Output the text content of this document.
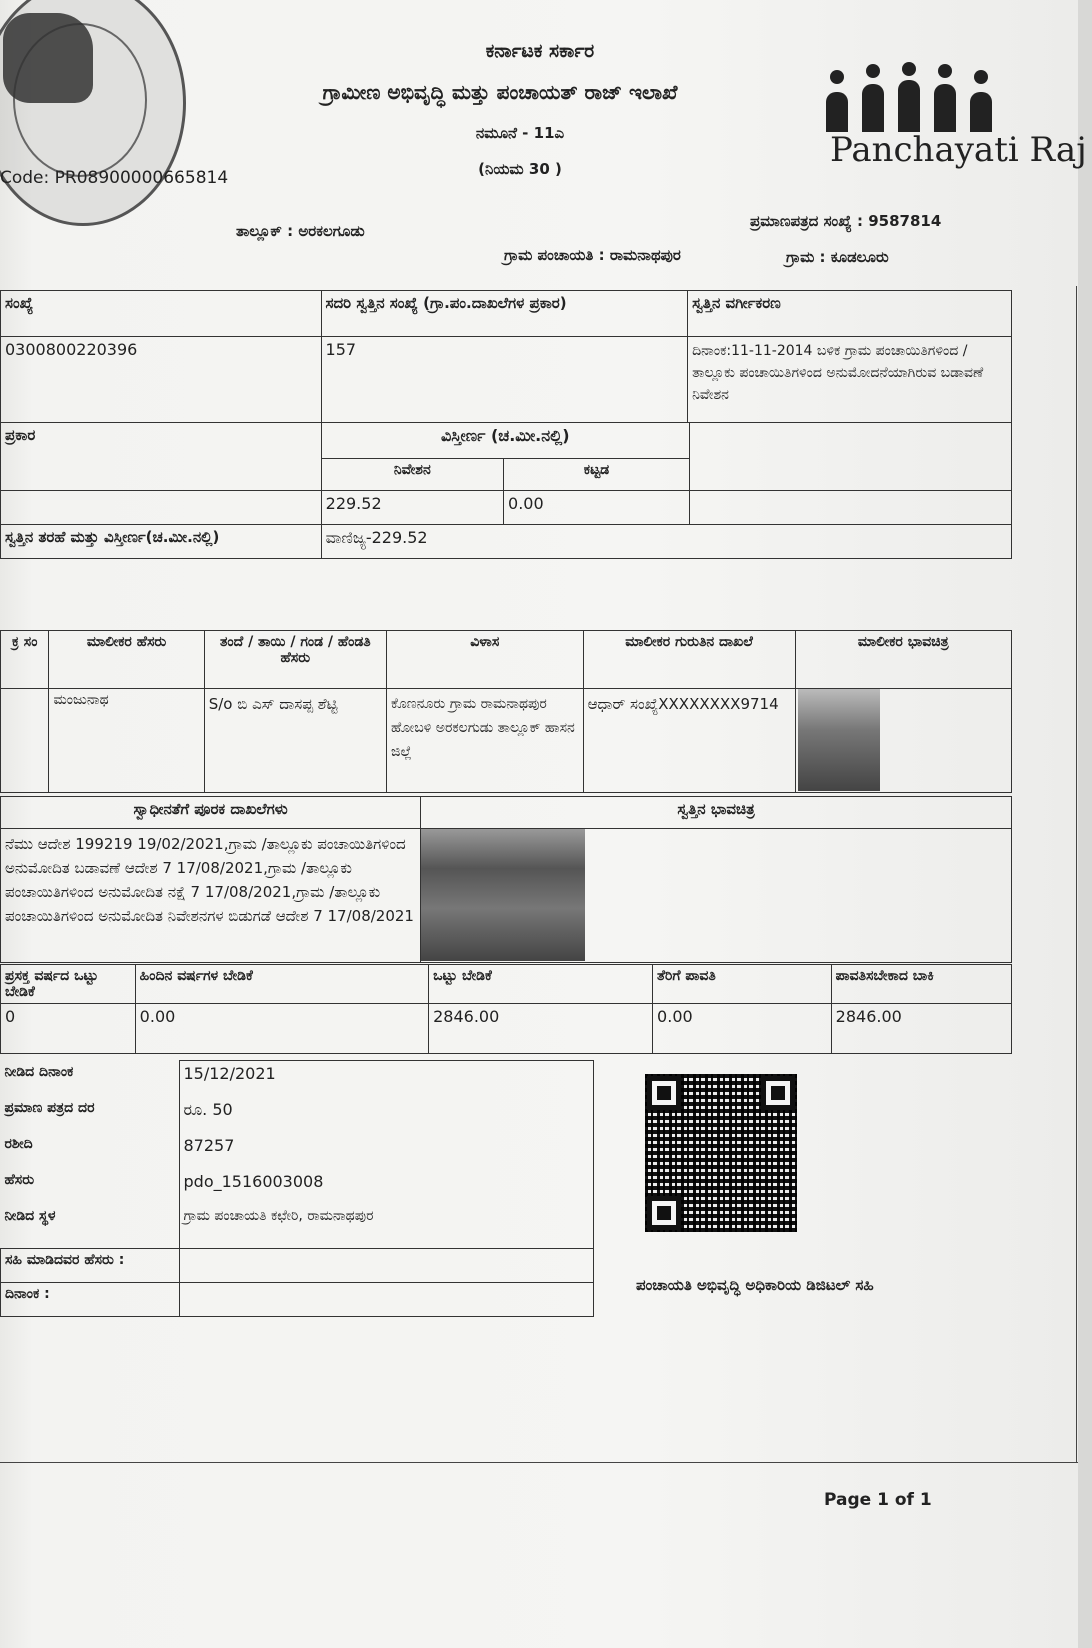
ಕರ್ನಾಟಕ ಸರ್ಕಾರ
ಗ್ರಾಮೀಣ ಅಭಿವೃದ್ಧಿ ಮತ್ತು ಪಂಚಾಯತ್ ರಾಜ್ ಇಲಾಖೆ
ನಮೂನೆ - 11ಎ
(ನಿಯಮ 30 )
Code: PR08900000665814
Panchayati Raj
ಪ್ರಮಾಣಪತ್ರದ ಸಂಖ್ಯೆ : 9587814
ತಾಲ್ಲೂಕ್ : ಅರಕಲಗೂಡು
ಗ್ರಾಮ ಪಂಚಾಯತಿ : ರಾಮನಾಥಪುರ	ಗ್ರಾಮ : ಕೂಡಲೂರು
ಸಂಖ್ಯೆ	ಸದರಿ ಸ್ವತ್ತಿನ ಸಂಖ್ಯೆ (ಗ್ರಾ.ಪಂ.ದಾಖಲೆಗಳ ಪ್ರಕಾರ)	ಸ್ವತ್ತಿನ ವರ್ಗೀಕರಣ
0300800220396	157	ದಿನಾಂಕ:11-11-2014 ಬಳಿಕ ಗ್ರಾಮ ಪಂಚಾಯಿತಿಗಳಿಂದ /ತಾಲ್ಲೂಕು ಪಂಚಾಯಿತಿಗಳಿಂದ ಅನುಮೋದನೆಯಾಗಿರುವ ಬಡಾವಣೆ ನಿವೇಶನ
ಪ್ರಕಾರ	ವಿಸ್ತೀರ್ಣ (ಚ.ಮೀ.ನಲ್ಲಿ)		
	ನಿವೇಶನ	ಕಟ್ಟಡ	
	229.52	0.00	
ಸ್ವತ್ತಿನ ತರಹೆ ಮತ್ತು ವಿಸ್ತೀರ್ಣ(ಚ.ಮೀ.ನಲ್ಲಿ)	ವಾಣಿಜ್ಯ-229.52		
ಕ್ರ ಸಂ	ಮಾಲೀಕರ ಹೆಸರು	ತಂದೆ / ತಾಯಿ / ಗಂಡ / ಹೆಂಡತಿ ಹೆಸರು	ವಿಳಾಸ	ಮಾಲೀಕರ ಗುರುತಿನ ದಾಖಲೆ	ಮಾಲೀಕರ ಭಾವಚಿತ್ರ
	ಮಂಜುನಾಥ	S/o ಬಿ ಎಸ್ ದಾಸಪ್ಪ ಶೆಟ್ಟಿ	ಕೊಣನೂರು ಗ್ರಾಮ ರಾಮನಾಥಪುರ ಹೋಬಳಿ ಅರಕಲಗುಡು ತಾಲ್ಲೂಕ್ ಹಾಸನ ಜಿಲ್ಲೆ	ಆಧಾರ್ ಸಂಖ್ಯೆXXXXXXXX9714	
ಸ್ವಾಧೀನತೆಗೆ ಪೂರಕ ದಾಖಲೆಗಳು	ಸ್ವತ್ತಿನ ಭಾವಚಿತ್ರ
ನೆಮು ಆದೇಶ 199219 19/02/2021,ಗ್ರಾಮ /ತಾಲ್ಲೂಕು ಪಂಚಾಯಿತಿಗಳಿಂದ ಅನುಮೋದಿತ ಬಡಾವಣೆ ಆದೇಶ 7 17/08/2021,ಗ್ರಾಮ /ತಾಲ್ಲೂಕು ಪಂಚಾಯಿತಿಗಳಿಂದ ಅನುಮೋದಿತ ನಕ್ಷೆ 7 17/08/2021,ಗ್ರಾಮ /ತಾಲ್ಲೂಕು ಪಂಚಾಯಿತಿಗಳಿಂದ ಅನುಮೋದಿತ ನಿವೇಶನಗಳ ಬಿಡುಗಡೆ ಆದೇಶ 7 17/08/2021	
ಪ್ರಸಕ್ತ ವರ್ಷದ ಒಟ್ಟು ಬೇಡಿಕೆ	ಹಿಂದಿನ ವರ್ಷಗಳ ಬೇಡಿಕೆ	ಒಟ್ಟು ಬೇಡಿಕೆ	ತೆರಿಗೆ ಪಾವತಿ	ಪಾವತಿಸಬೇಕಾದ ಬಾಕಿ
0	0.00	2846.00	0.00	2846.00
ನೀಡಿದ ದಿನಾಂಕ	15/12/2021
ಪ್ರಮಾಣ ಪತ್ರದ ದರ	ರೂ. 50
ರಶೀದಿ	87257
ಹೆಸರು	pdo_1516003008
ನೀಡಿದ ಸ್ಥಳ	ಗ್ರಾಮ ಪಂಚಾಯತಿ ಕಛೇರಿ, ರಾಮನಾಥಪುರ
ಸಹಿ ಮಾಡಿದವರ ಹೆಸರು :	
ದಿನಾಂಕ :		ಪಂಚಾಯತಿ ಅಭಿವೃದ್ಧಿ ಅಧಿಕಾರಿಯ ಡಿಜಿಟಲ್ ಸಹಿ
Page 1 of 1
